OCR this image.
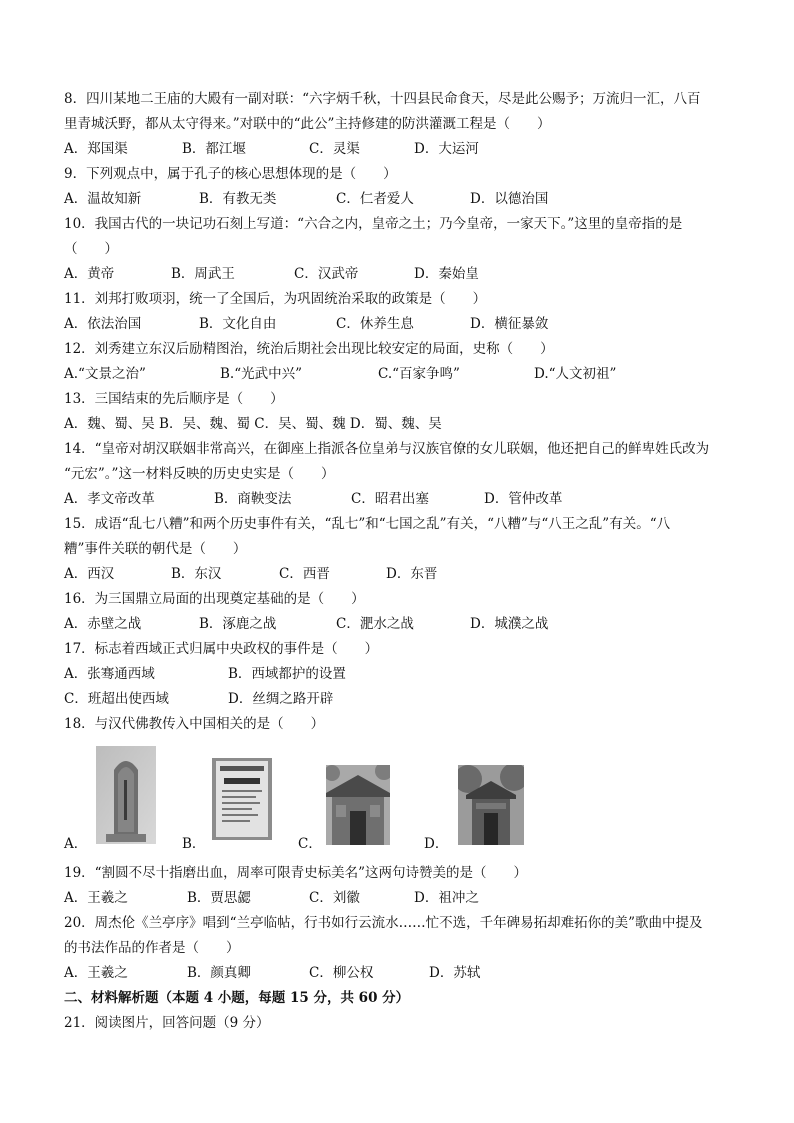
8．四川某地二王庙的大殿有一副对联：“六字炳千秋，十四县民命食天，尽是此公赐予；万流归一汇，八百
里青城沃野，都从太守得来。”对联中的“此公”主持修建的防洪灌溉工程是（　　）
A．郑国渠	B．都江堰	C．灵渠	D．大运河
9．下列观点中，属于孔子的核心思想体现的是（　　）
A．温故知新	B．有教无类	C．仁者爱人	D．以德治国
10．我国古代的一块记功石刻上写道：“六合之内，皇帝之土；乃今皇帝，一家天下。”这里的皇帝指的是
（　　）
A．黄帝	B．周武王	C．汉武帝	D．秦始皇
11．刘邦打败项羽，统一了全国后，为巩固统治采取的政策是（　　）
A．依法治国	B．文化自由	C．休养生息	D．横征暴敛
12．刘秀建立东汉后励精图治，统治后期社会出现比较安定的局面，史称（　　）
A.“文景之治”	B.“光武中兴”	C.“百家争鸣”	D.“人文初祖”
13．三国结束的先后顺序是（　　）
A．魏、蜀、吴 B．吴、魏、蜀 C．吴、蜀、魏 D．蜀、魏、吴
14．“皇帝对胡汉联姻非常高兴，在御座上指派各位皇弟与汉族官僚的女儿联姻，他还把自己的鲜卑姓氏改为
“元宏”。”这一材料反映的历史史实是（　　）
A．孝文帝改革	B．商鞅变法	C．昭君出塞	D．管仲改革
15．成语“乱七八糟”和两个历史事件有关，“乱七”和“七国之乱”有关，“八糟”与“八王之乱”有关。“八
糟”事件关联的朝代是（　　）
A．西汉	B．东汉	C．西晋	D．东晋
16．为三国鼎立局面的出现奠定基础的是（　　）
A．赤壁之战	B．涿鹿之战	C．淝水之战	D．城濮之战
17．标志着西域正式归属中央政权的事件是（　　）
A．张骞通西域	B．西域都护的设置
C．班超出使西域	D．丝绸之路开辟
18．与汉代佛教传入中国相关的是（　　）
A．	B．	C．	D．
19．“割圆不尽十指磨出血，周率可限青史标美名”这两句诗赞美的是（　　）
A．王羲之	B．贾思勰	C．刘徽	D．祖冲之
20．周杰伦《兰亭序》唱到“兰亭临帖，行书如行云流水……忙不选，千年碑易拓却难拓你的美”歌曲中提及
的书法作品的作者是（　　）
A．王羲之	B．颜真卿	C．柳公权	D．苏轼
二、材料解析题（本题 4 小题，每题 15 分，共 60 分）
21．阅读图片，回答问题（9 分）
